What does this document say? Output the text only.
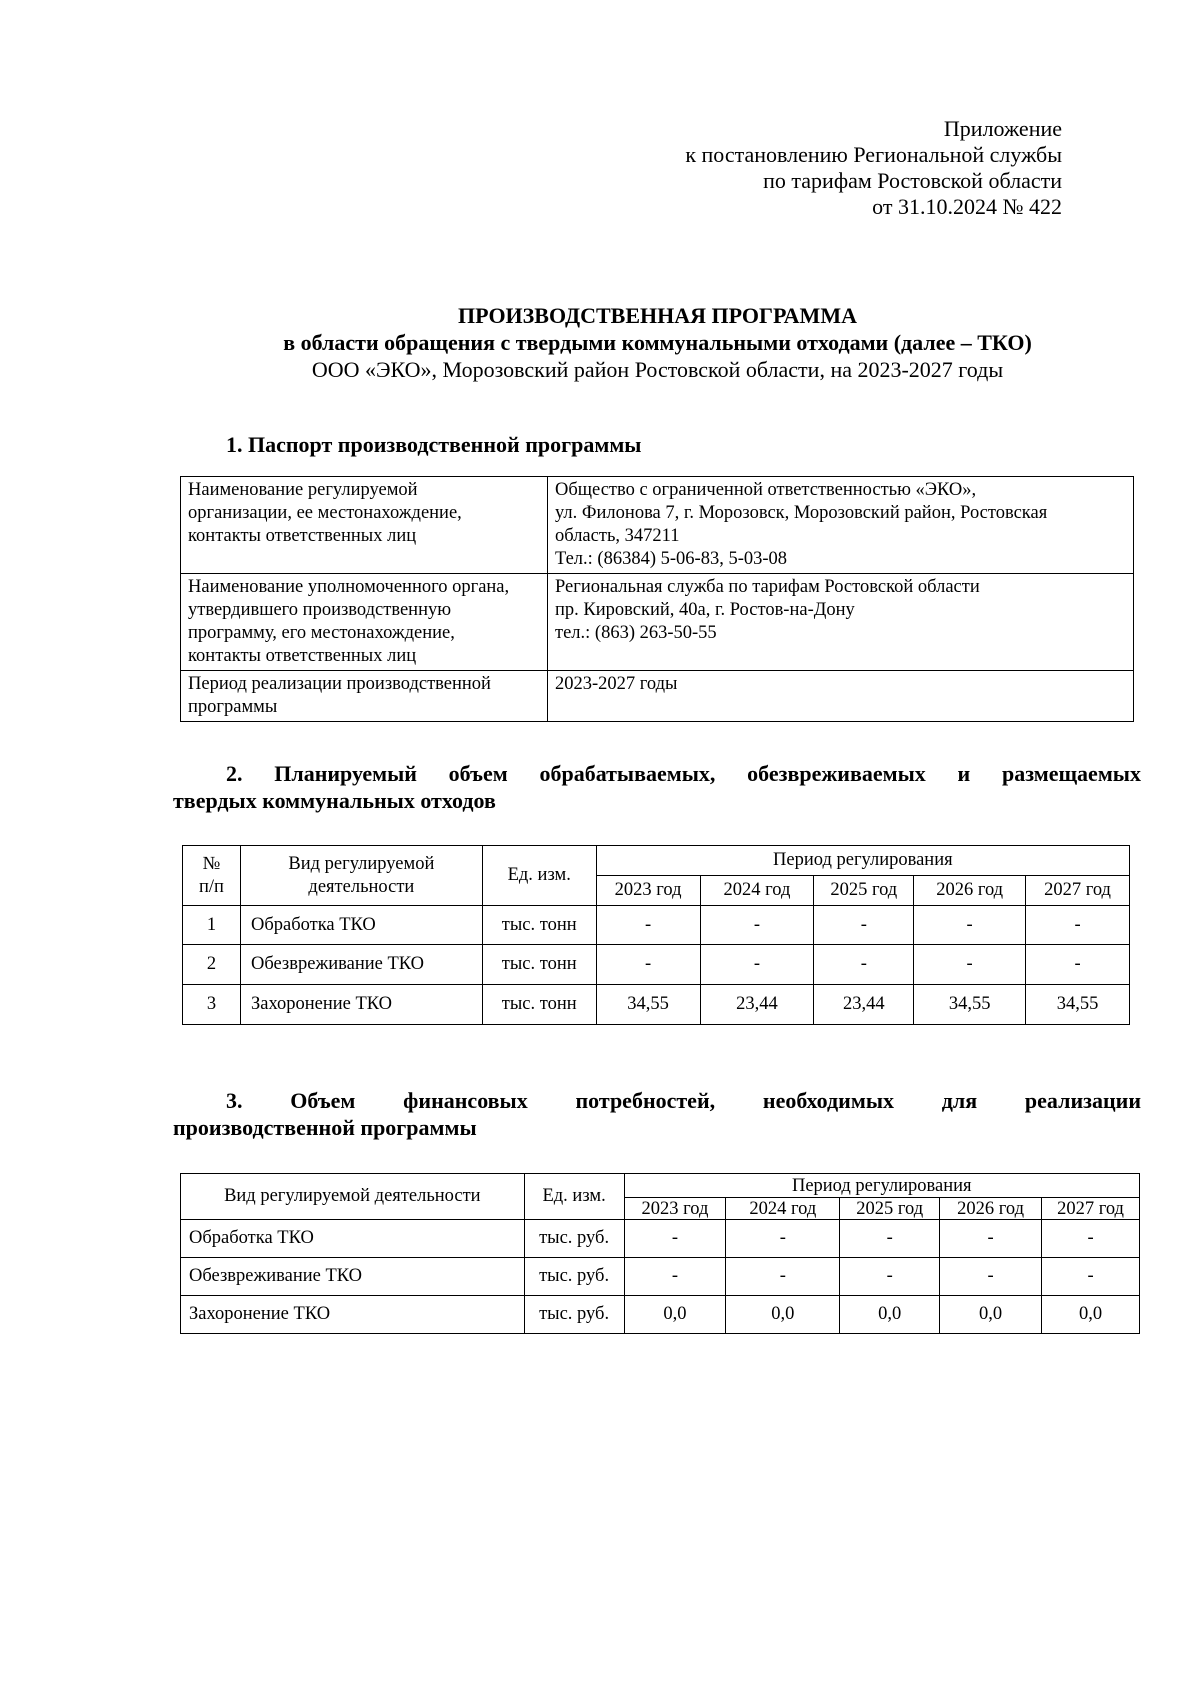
Приложение
к постановлению Региональной службы
по тарифам Ростовской области
от 31.10.2024 № 422
ПРОИЗВОДСТВЕННАЯ ПРОГРАММА
в области обращения с твердыми коммунальными отходами (далее – ТКО)
ООО «ЭКО», Морозовский район Ростовской области, на 2023-2027 годы
1. Паспорт производственной программы
Наименование регулируемой
организации, ее местонахождение,
контакты ответственных лиц	Общество с ограниченной ответственностью «ЭКО»,
ул. Филонова 7, г. Морозовск, Морозовский район, Ростовская
область, 347211
Тел.: (86384) 5-06-83, 5-03-08

Наименование уполномоченного органа,
утвердившего производственную
программу, его местонахождение,
контакты ответственных лиц	Региональная служба по тарифам Ростовской области
пр. Кировский, 40а, г. Ростов-на-Дону
тел.: (863) 263-50-55

Период реализации производственной
программы	2023-2027 годы
2. Планируемый объем обрабатываемых, обезвреживаемых и размещаемых
твердых коммунальных отходов
№ п/п	Вид регулируемой деятельности	Ед. изм.	Период регулирования				
			2023 год	2024 год	2025 год	2026 год	2027 год
1	Обработка ТКО	тыс. тонн	-	-	-	-	-
2	Обезвреживание ТКО	тыс. тонн	-	-	-	-	-
3	Захоронение ТКО	тыс. тонн	34,55	23,44	23,44	34,55	34,55
3. Объем финансовых потребностей, необходимых для реализации
производственной программы
Вид регулируемой деятельности	Ед. изм.	Период регулирования				
		2023 год	2024 год	2025 год	2026 год	2027 год
Обработка ТКО	тыс. руб.	-	-	-	-	-
Обезвреживание ТКО	тыс. руб.	-	-	-	-	-
Захоронение ТКО	тыс. руб.	0,0	0,0	0,0	0,0	0,0
